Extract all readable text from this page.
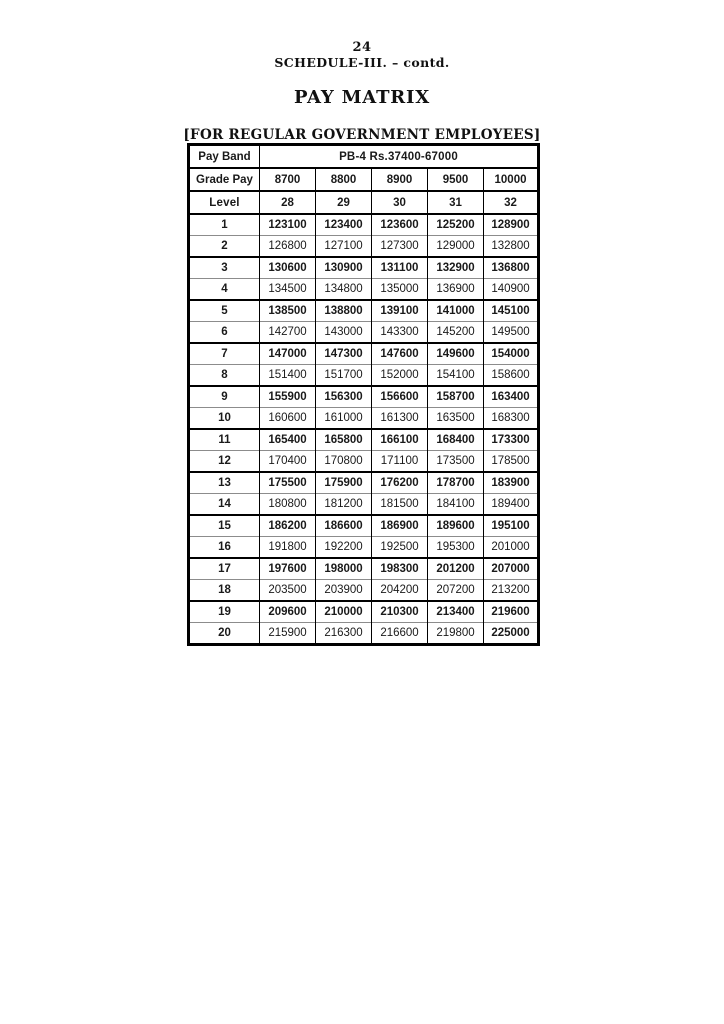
24
SCHEDULE-III. – contd.
PAY MATRIX
[FOR REGULAR GOVERNMENT EMPLOYEES]
Pay Band	PB-4 Rs.37400-67000				
Grade Pay	8700	8800	8900	9500	10000
Level	28	29	30	31	32
1	123100	123400	123600	125200	128900
2	126800	127100	127300	129000	132800
3	130600	130900	131100	132900	136800
4	134500	134800	135000	136900	140900
5	138500	138800	139100	141000	145100
6	142700	143000	143300	145200	149500
7	147000	147300	147600	149600	154000
8	151400	151700	152000	154100	158600
9	155900	156300	156600	158700	163400
10	160600	161000	161300	163500	168300
11	165400	165800	166100	168400	173300
12	170400	170800	171100	173500	178500
13	175500	175900	176200	178700	183900
14	180800	181200	181500	184100	189400
15	186200	186600	186900	189600	195100
16	191800	192200	192500	195300	201000
17	197600	198000	198300	201200	207000
18	203500	203900	204200	207200	213200
19	209600	210000	210300	213400	219600
20	215900	216300	216600	219800	225000
